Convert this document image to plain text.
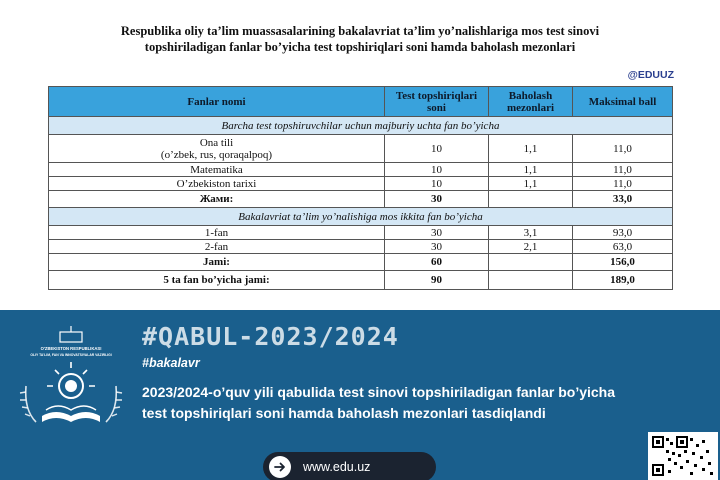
Respublika oliy ta’lim muassasalarining bakalavriat ta’lim yo’nalishlariga mos test sinovi
topshiriladigan fanlar bo’yicha test topshiriqlari soni hamda baholash mezonlari
@EDUUZ
Fanlar nomi	Test topshiriqlari soni	Baholash mezonlari	Maksimal ball
Barcha test topshiruvchilar uchun majburiy uchta fan bo’yicha			

Ona tili
(o’zbek, rus, qoraqalpoq)	10	1,1	11,0
Matematika	10	1,1	11,0
O’zbekiston tarixi	10	1,1	11,0
Жами:	30		33,0
Bakalavriat ta’lim yo’nalishiga mos ikkita fan bo’yicha			
1-fan	30	3,1	93,0
2-fan	30	2,1	63,0
Jami:	60		156,0
5 ta fan bo’yicha jami:	90		189,0
O'ZBEKISTON RESPUBLIKASI
OLIY TA'LIM, FAN VA INNOVATSIYALAR VAZIRLIGI
#QABUL-2023/2024
#bakalavr
2023/2024-o’quv yili qabulida test sinovi topshiriladigan fanlar bo’yicha test topshiriqlari soni hamda baholash mezonlari tasdiqlandi
www.edu.uz
